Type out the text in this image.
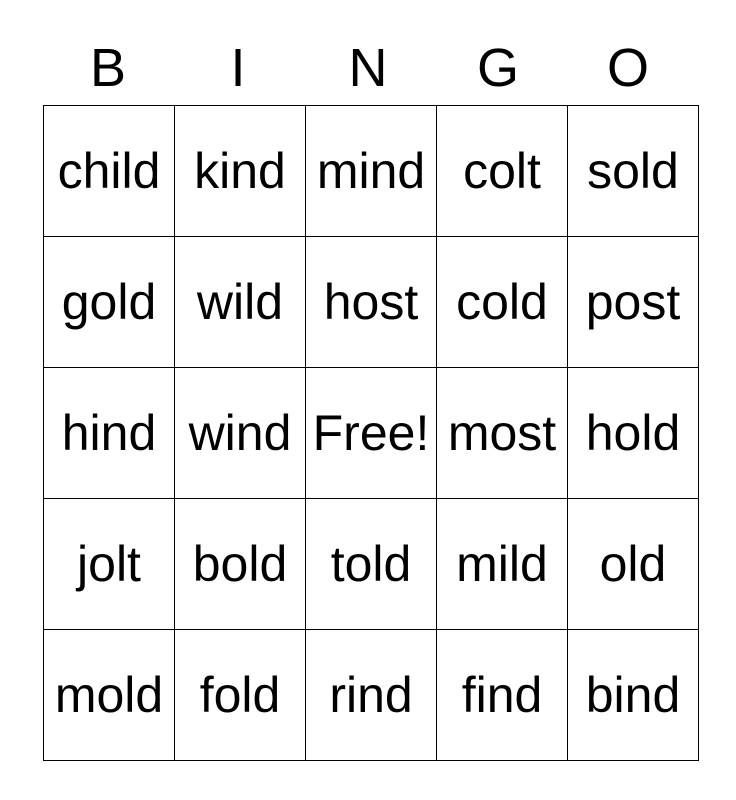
B	I	N	G	O
child	kind	mind	colt	sold
gold	wild	host	cold	post
hind	wind	Free!	most	hold
jolt	bold	told	mild	old
mold	fold	rind	find	bind
